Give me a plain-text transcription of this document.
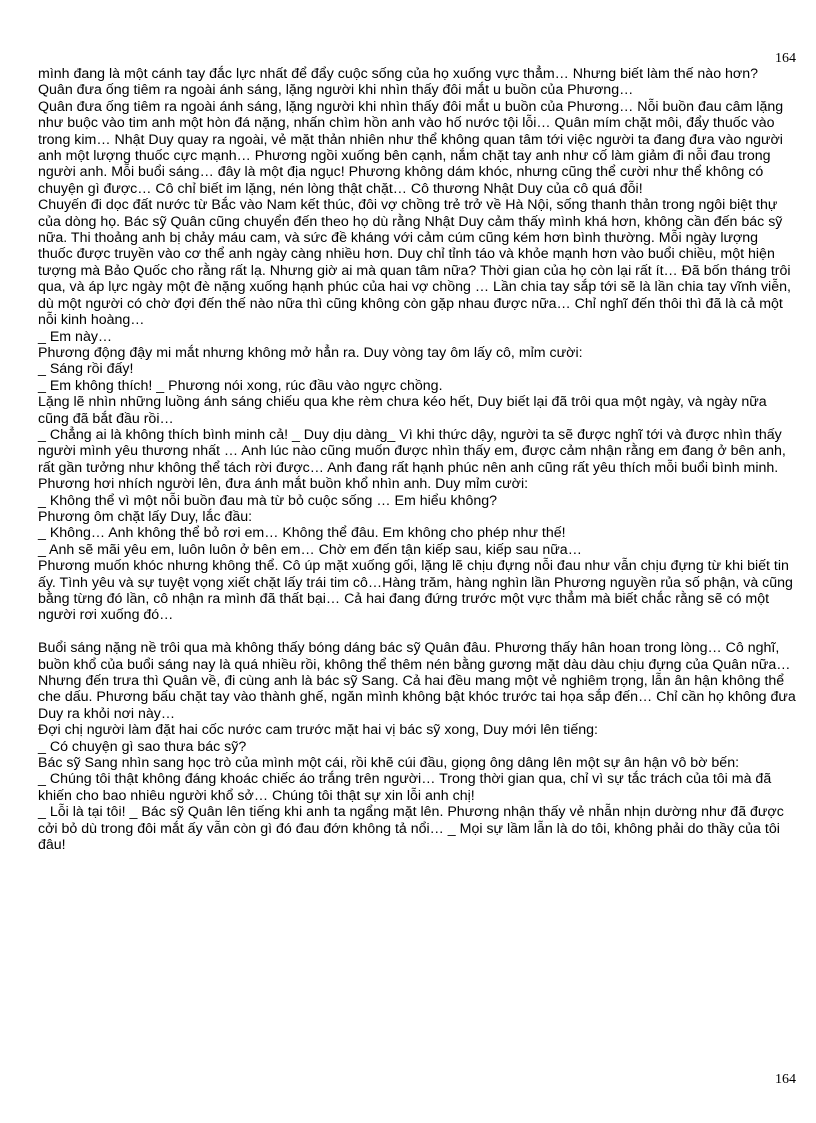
164

mình đang là một cánh tay đắc lực nhất để đẩy cuộc sống của họ xuống vực thẳm… Nhưng biết làm thế nào hơn?

Quân đưa ống tiêm ra ngoài ánh sáng, lặng người khi nhìn thấy đôi mắt u buồn của Phương…

Quân đưa ống tiêm ra ngoài ánh sáng, lặng người khi nhìn thấy đôi mắt u buồn của Phương… Nỗi buồn đau câm lặng như buộc vào tim anh một hòn đá nặng, nhấn chìm hồn anh vào hố nước tội lỗi… Quân mím chặt môi, đẩy thuốc vào trong kim… Nhật Duy quay ra ngoài, vẻ mặt thản nhiên như thể không quan tâm tới việc người ta đang đưa vào người anh một lượng thuốc cực mạnh… Phương ngồi xuống bên cạnh, nắm chặt tay anh như cố làm giảm đi nỗi đau trong người anh. Mỗi buổi sáng… đây là một địa ngục! Phương không dám khóc, nhưng cũng thể cười như thể không có chuyện gì được… Cô chỉ biết im lặng, nén lòng thật chặt… Cô thương Nhật Duy của cô quá đỗi!

Chuyến đi dọc đất nước từ Bắc vào Nam kết thúc, đôi vợ chồng trẻ trở về Hà Nội, sống thanh thản trong ngôi biệt thự của dòng họ. Bác sỹ Quân cũng chuyển đến theo họ dù rằng Nhật Duy cảm thấy mình khá hơn, không cần đến bác sỹ nữa. Thi thoảng anh bị chảy máu cam, và sức đề kháng với cảm cúm cũng kém hơn bình thường. Mỗi ngày lượng thuốc được truyền vào cơ thể anh ngày càng nhiều hơn. Duy chỉ tỉnh táo và khỏe mạnh hơn vào buổi chiều, một hiện tượng mà Bảo Quốc cho rằng rất lạ. Nhưng giờ ai mà quan tâm nữa? Thời gian của họ còn lại rất ít… Đã bốn tháng trôi qua, và áp lực ngày một đè nặng xuống hạnh phúc của hai vợ chồng … Lần chia tay sắp tới sẽ là lần chia tay vĩnh viễn, dù một người có chờ đợi đến thế nào nữa thì cũng không còn gặp nhau được nữa… Chỉ nghĩ đến thôi thì đã là cả một nỗi kinh hoàng…

_ Em này…

Phương động đậy mi mắt nhưng không mở hẳn ra. Duy vòng tay ôm lấy cô, mỉm cười:

_ Sáng rồi đấy!

_ Em không thích! _ Phương nói xong, rúc đầu vào ngực chồng.

Lặng lẽ nhìn những luồng ánh sáng chiếu qua khe rèm chưa kéo hết, Duy biết lại đã trôi qua một ngày, và ngày nữa cũng đã bắt đầu rồi…

_ Chẳng ai là không thích bình minh cả! _ Duy dịu dàng_ Vì khi thức dậy, người ta sẽ được nghĩ tới và được nhìn thấy người mình yêu thương nhất … Anh lúc nào cũng muốn được nhìn thấy em, được cảm nhận rằng em đang ở bên anh, rất gần tưởng như không thể tách rời được… Anh đang rất hạnh phúc nên anh cũng rất yêu thích mỗi buổi bình minh.

Phương hơi nhích người lên, đưa ánh mắt buồn khổ nhìn anh. Duy mỉm cười:

_ Không thể vì một nỗi buồn đau mà từ bỏ cuộc sống … Em hiểu không?

Phương ôm chặt lấy Duy, lắc đầu:

_ Không… Anh không thể bỏ rơi em… Không thể đâu. Em không cho phép như thế!

_ Anh sẽ mãi yêu em, luôn luôn ở bên em… Chờ em đến tận kiếp sau, kiếp sau nữa…

Phương muốn khóc nhưng không thể. Cô úp mặt xuống gối, lặng lẽ chịu đựng nỗi đau như vẫn chịu đựng từ khi biết tin ấy. Tình yêu và sự tuyệt vọng xiết chặt lấy trái tim cô…Hàng trăm, hàng nghìn lần Phương nguyền rủa số phận, và cũng bằng từng đó lần, cô nhận ra mình đã thất bại… Cả hai đang đứng trước một vực thẳm mà biết chắc rằng sẽ có một người rơi xuống đó…

Buổi sáng nặng nề trôi qua mà không thấy bóng dáng bác sỹ Quân đâu. Phương thấy hân hoan trong lòng… Cô nghĩ, buồn khổ của buổi sáng nay là quá nhiều rồi, không thể thêm nén bằng gương mặt dàu dàu chịu đựng của Quân nữa…Nhưng đến trưa thì Quân về, đi cùng anh là bác sỹ Sang. Cả hai đều mang một vẻ nghiêm trọng, lẫn ân hận không thể che dấu. Phương bấu chặt tay vào thành ghế, ngăn mình không bật khóc trước tai họa sắp đến… Chỉ cần họ không đưa Duy ra khỏi nơi này…

Đợi chị người làm đặt hai cốc nước cam trước mặt hai vị bác sỹ xong, Duy mới lên tiếng:

_ Có chuyện gì sao thưa bác sỹ?

Bác sỹ Sang nhìn sang học trò của mình một cái, rồi khẽ cúi đầu, giọng ông dâng lên một sự ân hận vô bờ bến:

_ Chúng tôi thật không đáng khoác chiếc áo trắng trên người… Trong thời gian qua, chỉ vì sự tắc trách của tôi mà đã khiến cho bao nhiêu người khổ sở… Chúng tôi thật sự xin lỗi anh chị!

_ Lỗi là tại tôi! _ Bác sỹ Quân lên tiếng khi anh ta ngẩng mặt lên. Phương nhận thấy vẻ nhẫn nhịn dường như đã được cởi bỏ dù trong đôi mắt ấy vẫn còn gì đó đau đớn không tả nổi… _ Mọi sự lầm lẫn là do tôi, không phải do thầy của tôi đâu!

164
